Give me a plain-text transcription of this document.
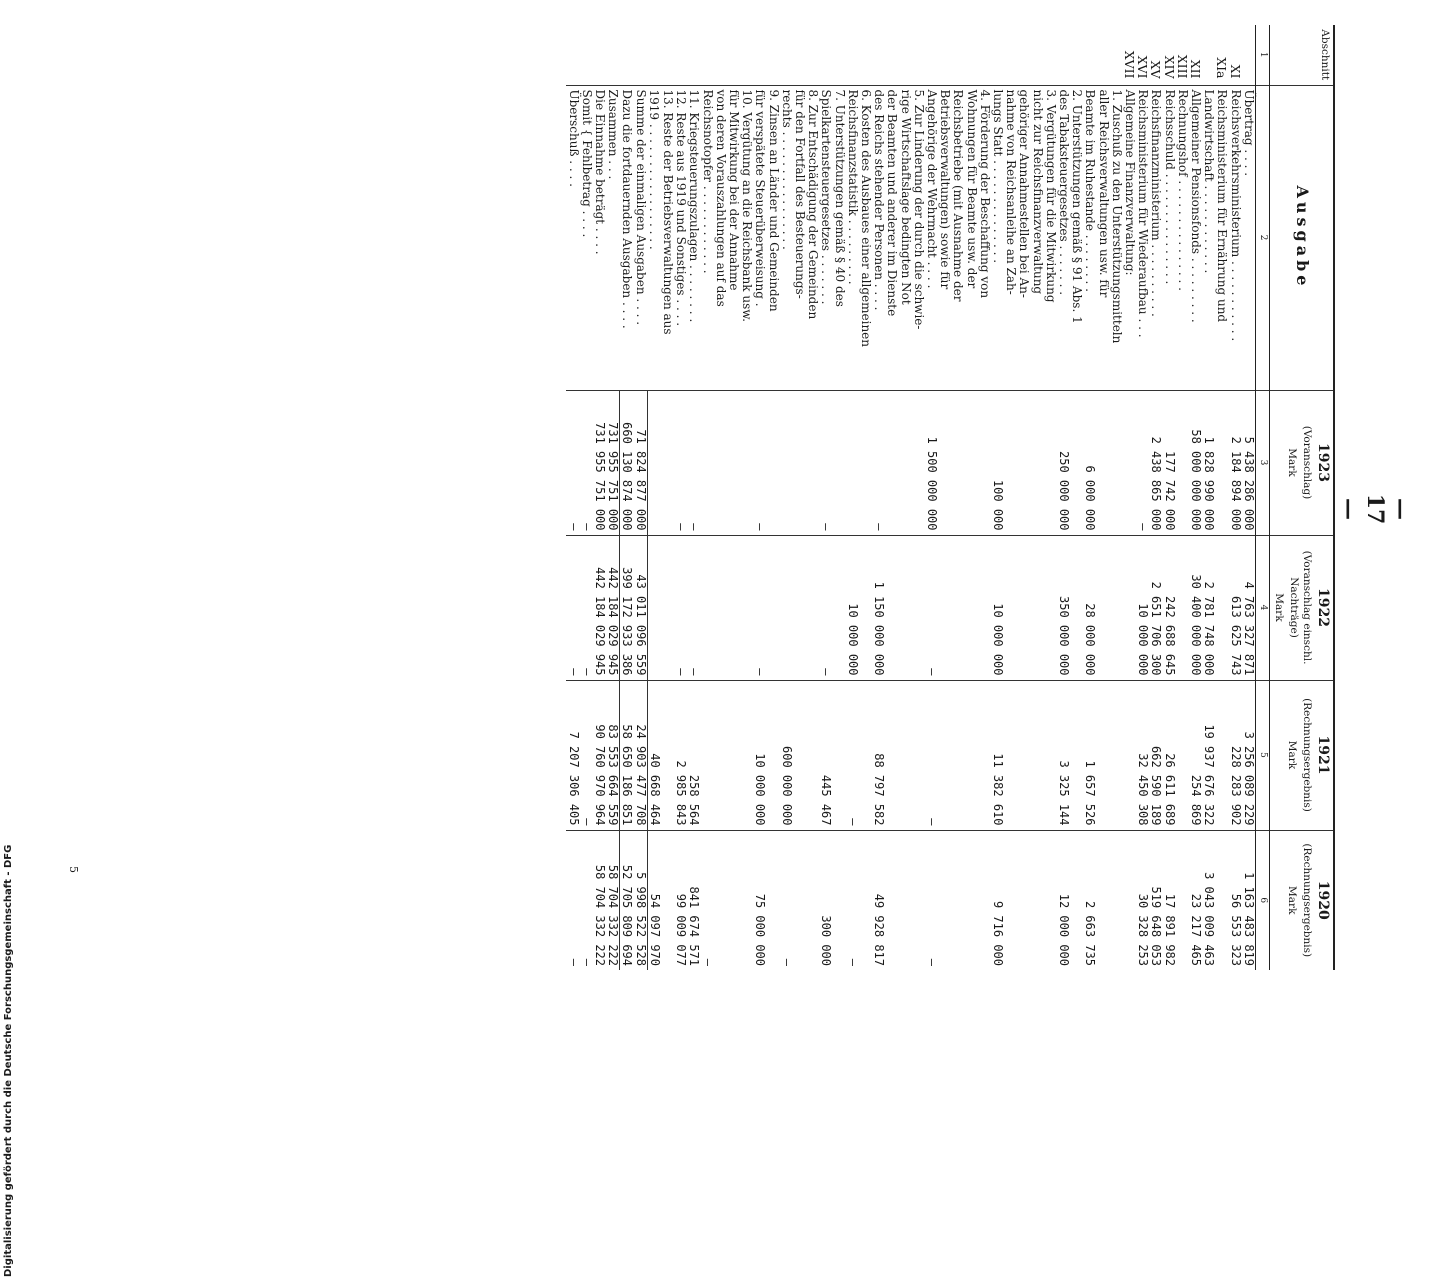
— 17 —
Digitalisierung gefördert durch die Deutsche Forschungsgemeinschaft - DFG	5
Abschnitt	Ausgabe	1923
(Voranschlag)
Mark	1922
(Voranschlag einschl. Nachträge)
Mark	1921
(Rechnungsergebnis)
Mark	1920
(Rechnungsergebnis)
Mark

1	2	3	4	5	6
	Übertrag . . . .	5 438 286 000	4 763 327 871	3 256 089 229	1 163 483 819
XI	Reichsverkehrsministerium . . . . . . . . . . .	2 184 894 000	613 625 743	228 283 902	56 553 323
XIa	Reichsministerium für Ernährung und				
	Landwirtschaft . . . . . . . . . . . .	1 828 990 000	2 781 748 000	19 937 676 322	3 043 009 463
XII	Allgemeiner Pensionsfonds . . . . . . . . .	58 000 000 000	30 400 000 000	254 869	23 217 465
XIII	Rechnungshof . . . . . . . . . . . . . . .				
XIV	Reichsschuld . . . . . . . . . . . . . . .	177 742 000	242 688 645	26 611 689	17 891 982
XV	Reichsfinanzministerium . . . . . . . . . .	2 438 865 000	2 651 706 300	662 590 189	519 648 053
XVI	Reichsministerium für Wiederaufbau . . .	—	10 000 000	32 450 308	30 328 253
XVII	Allgemeine Finanzverwaltung:				
	1. Zuschuß zu den Unterstützungsmitteln				
	aller Reichsverwaltungen usw. für				
	Beamte im Ruhestande . . . . . . . .	6 000 000	28 000 000	1 657 526	2 663 735
	2. Unterstützungen gemäß § 91 Abs. 1				
	des Tabaksteuergesetzes . . . . . . .	250 000 000	350 000 000	3 325 144	12 000 000
	3. Vergütungen für die Mitwirkung				
	nicht zur Reichsfinanzverwaltung				
	gehöriger Annahmestellen bei An-				
	nahme von Reichsanleihe an Zah-				
	lungs Statt . . . . . . . . . . . . . .	100 000	10 000 000	11 382 610	9 716 000
	4. Förderung der Beschaffung von				
	Wohnungen für Beamte usw. der				
	Reichsbetriebe (mit Ausnahme der				
	Betriebsverwaltungen) sowie für				
	Angehörige der Wehrmacht . . . .	1 500 000 000	—	—	—
	5. Zur Linderung der durch die schwie-				
	rige Wirtschaftslage bedingten Not				
	der Beamten und anderer im Dienste				
	des Reichs stehender Personen . . . .	—	1 150 000 000	88 797 582	49 928 817
	6. Kosten des Ausbaues einer allgemeinen				
	Reichsfinanzstatistik . . . . . . . . .		10 000 000	—	—
	7. Unterstützungen gemäß § 40 des				
	Spielkartensteuergesetzes . . . . . . .	—	—	445 467	300 000
	8. Zur Entschädigung der Gemeinden				
	für den Fortfall des Besteuerungs-				
	rechts . . . . . . . . . . . . . . . .			600 000 000	—
	9. Zinsen an Länder und Gemeinden				
	für verspätete Steuerüberweisung .	—	—	10 000 000	75 000 000
	10. Vergütung an die Reichsbank usw.				
	für Mitwirkung bei der Annahme				
	von deren Vorauszahlungen auf das				
	Reichsnotopfer . . . . . . . . . . . .				—
	11. Kriegsteuerungszulagen . . . . . . . .	—	—	258 564	841 674 571
	12. Reste aus 1919 und Sonstiges . . . .	—	—	2 985 843	99 009 077
	13. Reste der Betriebsverwaltungen aus				
	1919 . . . . . . . . . . . . . . . . .			40 668 464	54 097 970
	Summe der einmaligen Ausgaben . . . .	71 824 877 000	43 011 096 559	24 903 477 708	5 998 522 528
	Dazu die fortdauernden Ausgaben . . . .	660 130 874 000	399 172 933 386	58 650 186 851	52 705 809 694
	Zusammen . . .	731 955 751 000	442 184 029 945	83 553 664 559	58 704 332 222
	Die Einnahme beträgt . . . .	731 955 751 000	442 184 029 945	90 760 970 964	58 704 332 222
	Somit { Fehlbetrag . . . .	—	—	—	—
	Überschuß . . . .	—	—	7 207 306 405	—
